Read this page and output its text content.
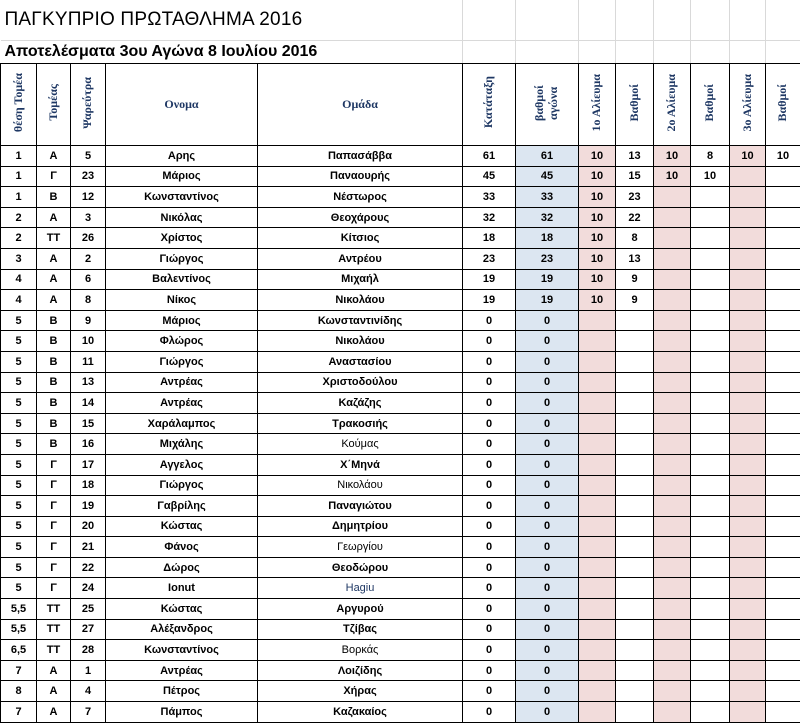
ΠΑΓΚΥΠΡΙΟ ΠΡΩΤΑΘΛΗΜΑ 2016												
Αποτελέσματα 3ου Αγώνα 8 Ιουλίου 2016												
θέση Τομέα	Τομέας	Ψαρεύτρα	Ονομα	Ομάδα	Κατάταξη	βαθμοί αγώνα	1ο Αλίευμα	Βαθμοί	2ο Αλίευμα	Βαθμοί	3ο Αλίευμα	Βαθμοί
1	Α	5	Αρης	Παπασάββα	61	61	10	13	10	8	10	10
1	Γ	23	Μάριος	Παναουρής	45	45	10	15	10	10		
1	Β	12	Κωνσταντίνος	Νέστωρος	33	33	10	23				
2	Α	3	Νικόλας	Θεοχάρους	32	32	10	22				
2	ΤΤ	26	Χρίστος	Κίτσιος	18	18	10	8				
3	Α	2	Γιώργος	Αντρέου	23	23	10	13				
4	Α	6	Βαλεντίνος	Μιχαήλ	19	19	10	9				
4	Α	8	Νίκος	Νικολάου	19	19	10	9				
5	Β	9	Μάριος	Κωνσταντινίδης	0	0						
5	Β	10	Φλώρος	Νικολάου	0	0						
5	Β	11	Γιώργος	Αναστασίου	0	0						
5	Β	13	Αντρέας	Χριστοδούλου	0	0						
5	Β	14	Αντρέας	Καζάζης	0	0						
5	Β	15	Χαράλαμπος	Τρακοσιής	0	0						
5	Β	16	Μιχάλης	Κούμας	0	0						
5	Γ	17	Αγγελος	Χ΄Μηνά	0	0						
5	Γ	18	Γιώργος	Νικολάου	0	0						
5	Γ	19	Γαβρίλης	Παναγιώτου	0	0						
5	Γ	20	Κώστας	Δημητρίου	0	0						
5	Γ	21	Φάνος	Γεωργίου	0	0						
5	Γ	22	Δώρος	Θεοδώρου	0	0						
5	Γ	24	Ionut	Hagiu	0	0						
5,5	ΤΤ	25	Κώστας	Αργυρού	0	0						
5,5	ΤΤ	27	Αλέξανδρος	Τζίβας	0	0						
6,5	ΤΤ	28	Κωνσταντίνος	Βορκάς	0	0						
7	Α	1	Αντρέας	Λοιζίδης	0	0						
8	Α	4	Πέτρος	Χήρας	0	0						
7	Α	7	Πάμπος	Καζακαίος	0	0						
